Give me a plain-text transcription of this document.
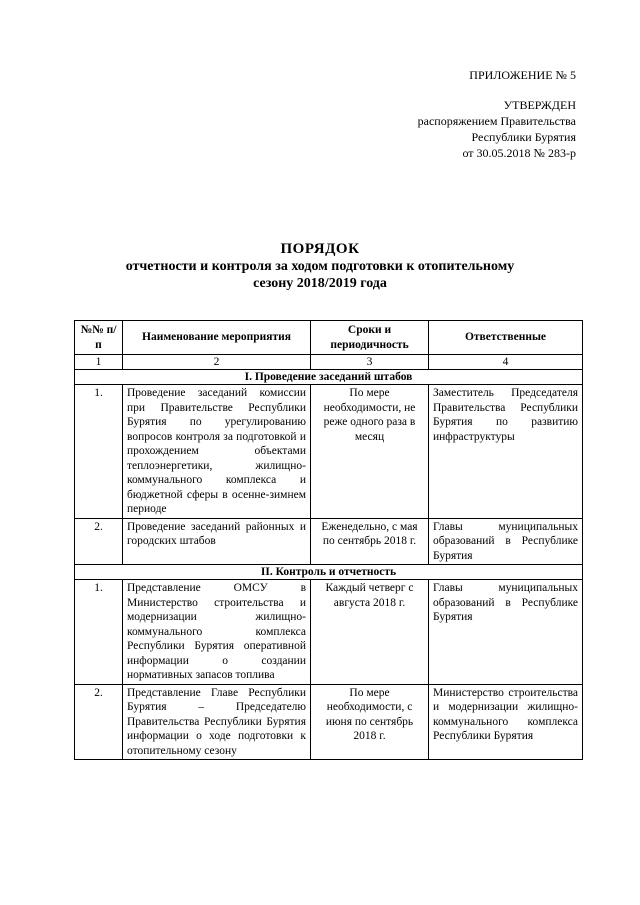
ПРИЛОЖЕНИЕ № 5
УТВЕРЖДЕН
распоряжением Правительства
Республики Бурятия
от 30.05.2018 № 283-р
ПОРЯДОК
отчетности и контроля за ходом подготовки к отопительному
сезону 2018/2019 года
№№ п/п	Наименование мероприятия	Сроки и периодичность	Ответственные
1	2	3	4
I. Проведение заседаний штабов			
1.	Проведение заседаний комиссии при Правительстве Республики Бурятия по урегулированию вопросов контроля за подготовкой и прохождением объектами теплоэнергетики, жилищно-коммунального комплекса и бюджетной сферы в осенне-зимнем периоде	По мере необходимости, не реже одного раза в месяц	Заместитель Председателя Правительства Республики Бурятия по развитию инфраструктуры
2.	Проведение заседаний районных и городских штабов	Еженедельно, с мая по сентябрь 2018 г.	Главы муниципальных образований в Республике Бурятия
II. Контроль и отчетность			
1.	Представление ОМСУ в Министерство строительства и модернизации жилищно-коммунального комплекса Республики Бурятия оперативной информации о создании нормативных запасов топлива	Каждый четверг с августа 2018 г.	Главы муниципальных образований в Республике Бурятия
2.	Представление Главе Республики Бурятия – Председателю Правительства Республики Бурятия информации о ходе подготовки к отопительному сезону	По мере необходимости, с июня по сентябрь 2018 г.	Министерство строительства и модернизации жилищно-коммунального комплекса Республики Бурятия
